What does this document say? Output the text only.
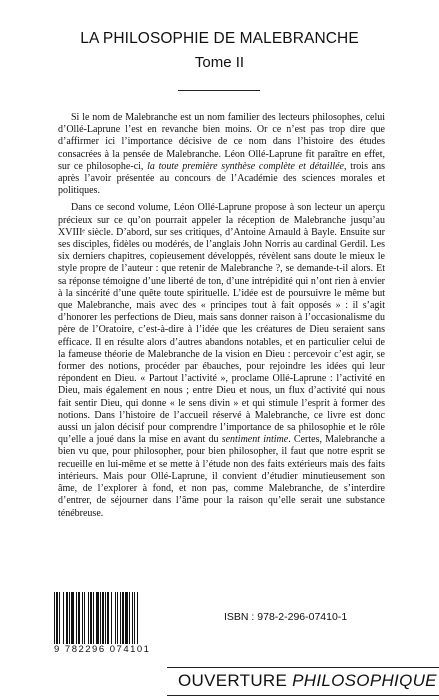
LA PHILOSOPHIE DE MALEBRANCHE
Tome II

Si le nom de Malebranche est un nom familier des lecteurs philosophes, celui d’Ollé-Laprune l’est en revanche bien moins. Or ce n’est pas trop dire que d’affirmer ici l’importance décisive de ce nom dans l’histoire des études consacrées à la pensée de Malebranche. Léon Ollé-Laprune fit paraître en effet, sur ce philosophe-ci, la toute première synthèse complète et détaillée, trois ans après l’avoir présentée au concours de l’Académie des sciences morales et politiques.

Dans ce second volume, Léon Ollé-Laprune propose à son lecteur un aperçu précieux sur ce qu’on pourrait appeler la réception de Malebranche jusqu’au XVIIIᵉ siècle. D’abord, sur ses critiques, d’Antoine Arnauld à Bayle. Ensuite sur ses disciples, fidèles ou modérés, de l’anglais John Norris au cardinal Gerdil. Les six derniers chapitres, copieusement développés, révèlent sans doute le mieux le style propre de l’auteur : que retenir de Malebranche ?, se demande-t-il alors. Et sa réponse témoigne d’une liberté de ton, d’une intrépidité qui n’ont rien à envier à la sincérité d’une quête toute spirituelle. L’idée est de poursuivre le même but que Malebranche, mais avec des « principes tout à fait opposés » : il s’agit d’honorer les perfections de Dieu, mais sans donner raison à l’occasionalisme du père de l’Oratoire, c’est-à-dire à l’idée que les créatures de Dieu seraient sans efficace. Il en résulte alors d’autres abandons notables, et en particulier celui de la fameuse théorie de Malebranche de la vision en Dieu : percevoir c’est agir, se former des notions, procéder par ébauches, pour rejoindre les idées qui leur répondent en Dieu. « Partout l’activité », proclame Ollé-Laprune : l’activité en Dieu, mais également en nous ; entre Dieu et nous, un flux d’activité qui nous fait sentir Dieu, qui donne « le sens divin » et qui stimule l’esprit à former des notions. Dans l’histoire de l’accueil réservé à Malebranche, ce livre est donc aussi un jalon décisif pour comprendre l’importance de sa philosophie et le rôle qu’elle a joué dans la mise en avant du sentiment intime. Certes, Malebranche a bien vu que, pour philosopher, pour bien philosopher, il faut que notre esprit se recueille en lui-même et se mette à l’étude non des faits extérieurs mais des faits intérieurs. Mais pour Ollé-Laprune, il convient d’étudier minutieusement son âme, de l’explorer à fond, et non pas, comme Malebranche, de s’interdire d’entrer, de séjourner dans l’âme pour la raison qu’elle serait une substance ténébreuse.

9 782296 074101
ISBN : 978-2-296-07410-1
OUVERTURE PHILOSOPHIQUE
